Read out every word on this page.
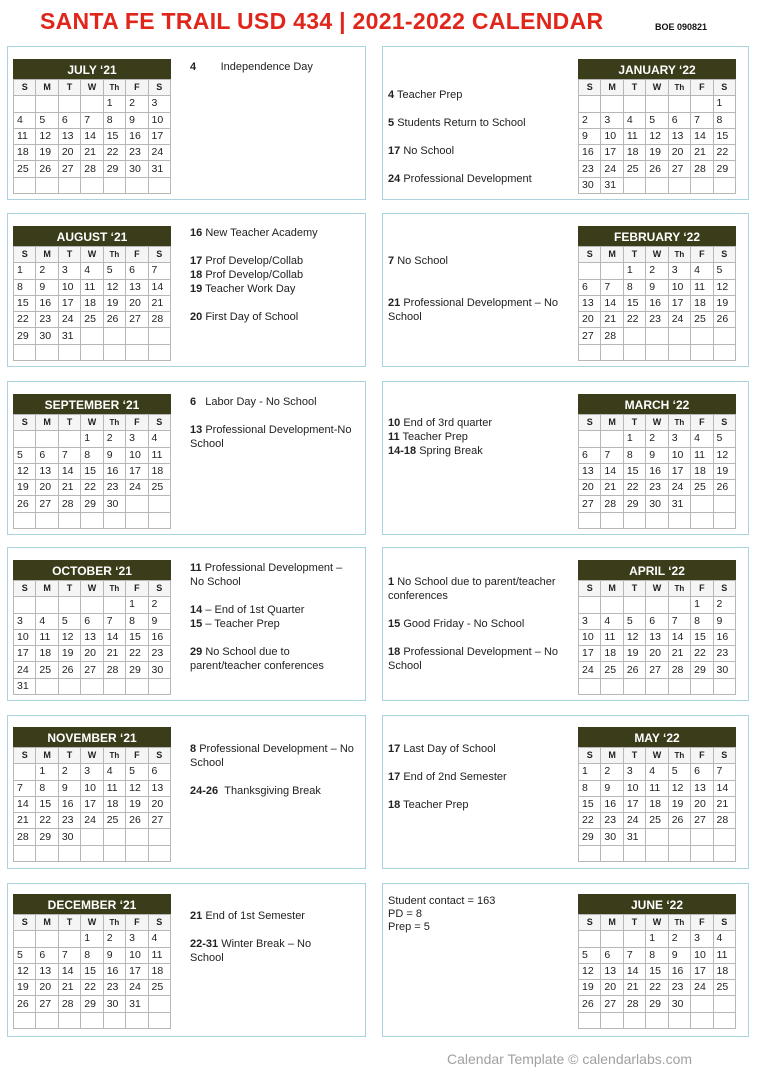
SANTA FE TRAIL USD 434 | 2021-2022 CALENDAR	BOE 090821
JULY ‘21
S	M	T	W	Th	F	S
				1	2	3
4	5	6	7	8	9	10
11	12	13	14	15	16	17
18	19	20	21	22	23	24
25	26	27	28	29	30	31

AUGUST ‘21
S	M	T	W	Th	F	S
1	2	3	4	5	6	7
8	9	10	11	12	13	14
15	16	17	18	19	20	21
22	23	24	25	26	27	28
29	30	31				

SEPTEMBER ‘21
S	M	T	W	Th	F	S
			1	2	3	4
5	6	7	8	9	10	11
12	13	14	15	16	17	18
19	20	21	22	23	24	25
26	27	28	29	30		

OCTOBER ‘21
S	M	T	W	Th	F	S
					1	2
3	4	5	6	7	8	9
10	11	12	13	14	15	16
17	18	19	20	21	22	23
24	25	26	27	28	29	30
31						
NOVEMBER ‘21
S	M	T	W	Th	F	S
	1	2	3	4	5	6
7	8	9	10	11	12	13
14	15	16	17	18	19	20
21	22	23	24	25	26	27
28	29	30				

DECEMBER ‘21
S	M	T	W	Th	F	S
			1	2	3	4
5	6	7	8	9	10	11
12	13	14	15	16	17	18
19	20	21	22	23	24	25
26	27	28	29	30	31	

JANUARY ‘22
S	M	T	W	Th	F	S
						1
2	3	4	5	6	7	8
9	10	11	12	13	14	15
16	17	18	19	20	21	22
23	24	25	26	27	28	29
30	31					
FEBRUARY ‘22
S	M	T	W	Th	F	S
		1	2	3	4	5
6	7	8	9	10	11	12
13	14	15	16	17	18	19
20	21	22	23	24	25	26
27	28					

MARCH ‘22
S	M	T	W	Th	F	S
		1	2	3	4	5
6	7	8	9	10	11	12
13	14	15	16	17	18	19
20	21	22	23	24	25	26
27	28	29	30	31		

APRIL ‘22
S	M	T	W	Th	F	S
					1	2
3	4	5	6	7	8	9
10	11	12	13	14	15	16
17	18	19	20	21	22	23
24	25	26	27	28	29	30

MAY ‘22
S	M	T	W	Th	F	S
1	2	3	4	5	6	7
8	9	10	11	12	13	14
15	16	17	18	19	20	21
22	23	24	25	26	27	28
29	30	31				

JUNE ‘22
S	M	T	W	Th	F	S
			1	2	3	4
5	6	7	8	9	10	11
12	13	14	15	16	17	18
19	20	21	22	23	24	25
26	27	28	29	30		

4 Independence Day
16 New Teacher Academy
17 Prof Develop/Collab
18 Prof Develop/Collab
19 Teacher Work Day
20 First Day of School
6 Labor Day - No School
13 Professional Development-No School
11 Professional Development – No School
14 – End of 1st Quarter
15 – Teacher Prep
29 No School due to parent/teacher conferences
8 Professional Development – No School
24-26 Thanksgiving Break
21 End of 1st Semester
22-31 Winter Break – No School
4 Teacher Prep
5 Students Return to School
17 No School
24 Professional Development
7 No School
21 Professional Development – No School
10 End of 3rd quarter
11 Teacher Prep
14-18 Spring Break
1 No School due to parent/teacher conferences
15 Good Friday - No School
18 Professional Development – No School
17 Last Day of School
17 End of 2nd Semester
18 Teacher Prep
Student contact = 163
PD = 8
Prep = 5
Calendar Template © calendarlabs.com
